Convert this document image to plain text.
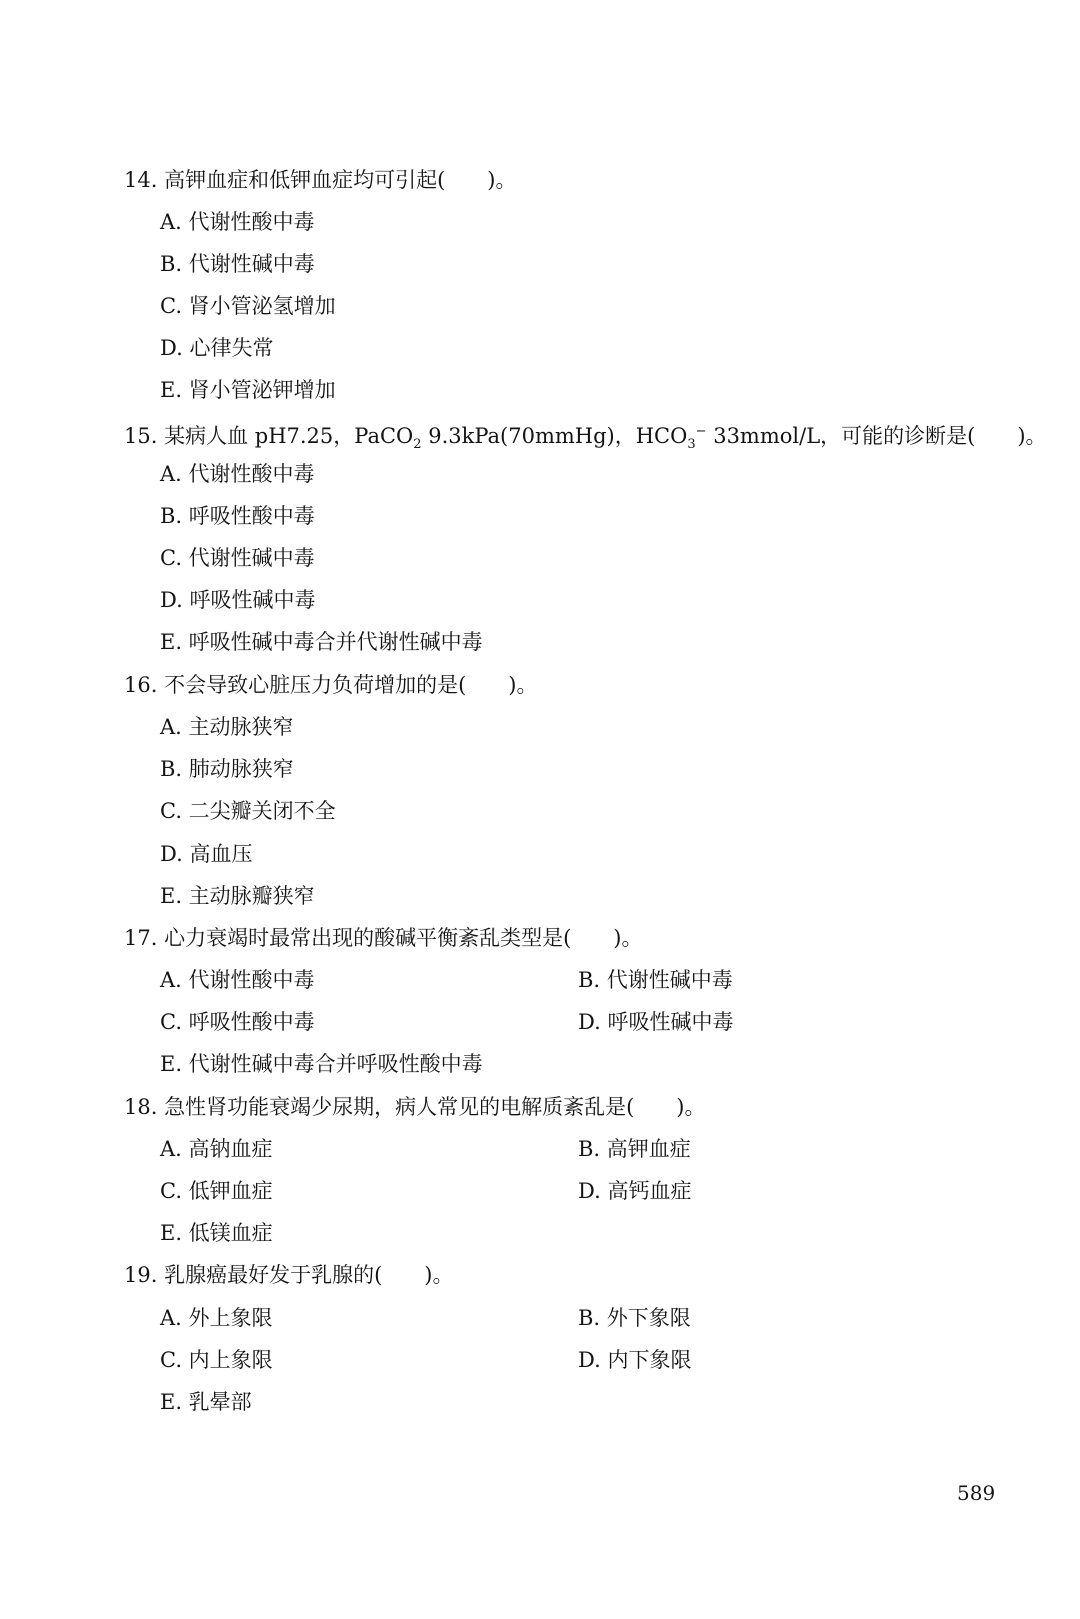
14. 高钾血症和低钾血症均可引起(　　)。
A. 代谢性酸中毒
B. 代谢性碱中毒
C. 肾小管泌氢增加
D. 心律失常
E. 肾小管泌钾增加
15. 某病人血 pH7.25，PaCO$_2$ 9.3kPa(70mmHg)，$HCO_3^-$ 33mmol/L，可能的诊断是(　　)。
A. 代谢性酸中毒
B. 呼吸性酸中毒
C. 代谢性碱中毒
D. 呼吸性碱中毒
E. 呼吸性碱中毒合并代谢性碱中毒
16. 不会导致心脏压力负荷增加的是(　　)。
A. 主动脉狭窄
B. 肺动脉狭窄
C. 二尖瓣关闭不全
D. 高血压
E. 主动脉瓣狭窄
17. 心力衰竭时最常出现的酸碱平衡紊乱类型是(　　)。
A. 代谢性酸中毒	B. 代谢性碱中毒
C. 呼吸性酸中毒	D. 呼吸性碱中毒
E. 代谢性碱中毒合并呼吸性酸中毒
18. 急性肾功能衰竭少尿期，病人常见的电解质紊乱是(　　)。
A. 高钠血症	B. 高钾血症
C. 低钾血症	D. 高钙血症
E. 低镁血症
19. 乳腺癌最好发于乳腺的(　　)。
A. 外上象限	B. 外下象限
C. 内上象限	D. 内下象限
E. 乳晕部
589
